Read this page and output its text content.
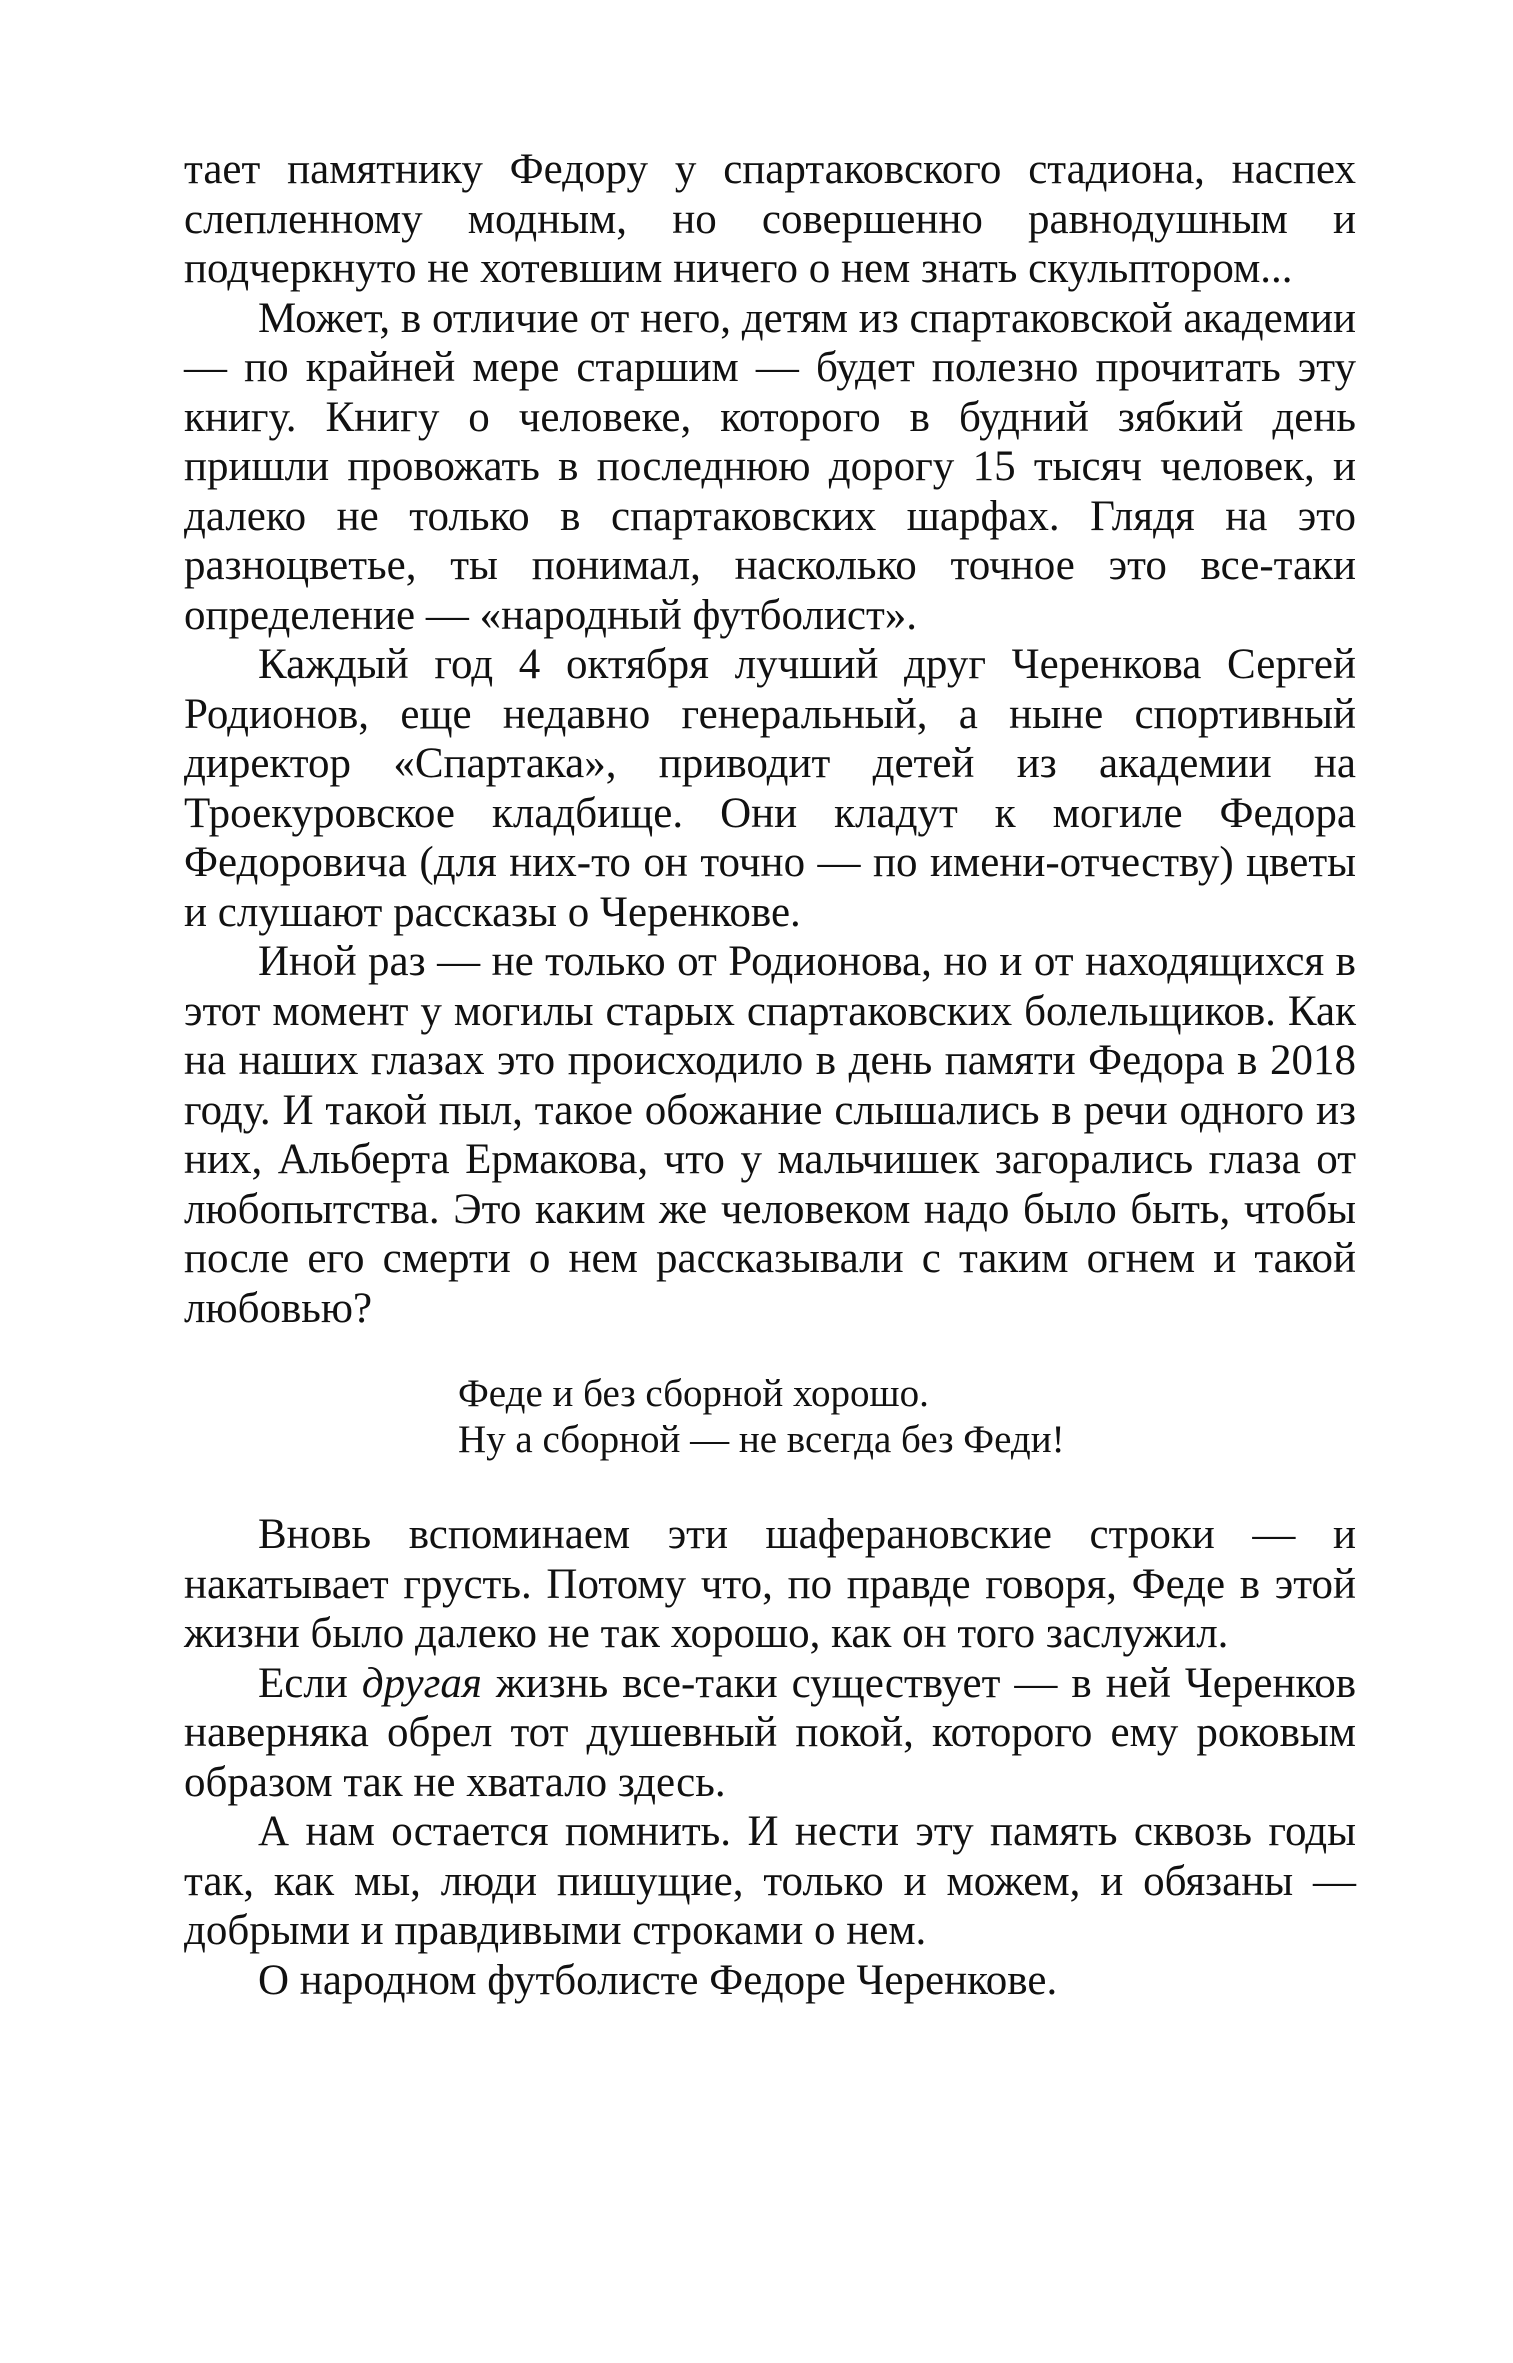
тает памятнику Федору у спартаковского стадиона, наспех слепленному модным, но совершенно равнодушным и подчеркнуто не хотевшим ничего о нем знать скульптором...

Может, в отличие от него, детям из спартаковской академии — по крайней мере старшим — будет полезно прочитать эту книгу. Книгу о человеке, которого в будний зябкий день пришли провожать в последнюю дорогу 15 тысяч человек, и далеко не только в спартаковских шарфах. Глядя на это разноцветье, ты понимал, насколько точное это все-таки определение — «народный футболист».

Каждый год 4 октября лучший друг Черенкова Сергей Родионов, еще недавно генеральный, а ныне спортивный директор «Спартака», приводит детей из академии на Троекуровское кладбище. Они кладут к могиле Федора Федоровича (для них-то он точно — по имени-отчеству) цветы и слушают рассказы о Черенкове.

Иной раз — не только от Родионова, но и от находящихся в этот момент у могилы старых спартаковских болельщиков. Как на наших глазах это происходило в день памяти Федора в 2018 году. И такой пыл, такое обожание слышались в речи одного из них, Альберта Ермакова, что у мальчишек загорались глаза от любопытства. Это каким же человеком надо было быть, чтобы после его смерти о нем рассказывали с таким огнем и такой любовью?

Феде и без сборной хорошо.
Ну а сборной — не всегда без Феди!

Вновь вспоминаем эти шаферановские строки — и накатывает грусть. Потому что, по правде говоря, Феде в этой жизни было далеко не так хорошо, как он того заслужил.

Если другая жизнь все-таки существует — в ней Черенков наверняка обрел тот душевный покой, которого ему роковым образом так не хватало здесь.

А нам остается помнить. И нести эту память сквозь годы так, как мы, люди пишущие, только и можем, и обязаны — добрыми и правдивыми строками о нем.

О народном футболисте Федоре Черенкове.
